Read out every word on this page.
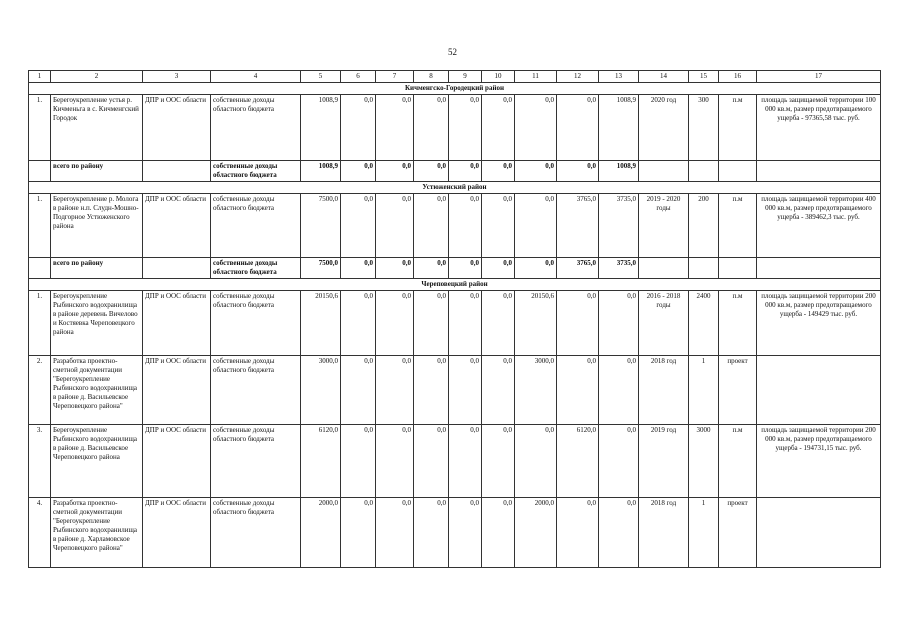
52
1	2	3	4	5	6	7	8	9	10	11	12	13	14	15	16	17
Кичменгско-Городецкий район																
1.	Берегоукрепление устья р. Кичменьга в с. Кичменгский Городок	ДПР и ООС области	собственные доходы областного бюджета	1008,9	0,0	0,0	0,0	0,0	0,0	0,0	0,0	1008,9	2020 год	300	п.м	площадь защищаемой территории 100 000 кв.м, размер предотвращаемого ущерба - 97365,58 тыс. руб.
	всего по району		собственные доходы областного бюджета	1008,9	0,0	0,0	0,0	0,0	0,0	0,0	0,0	1008,9				
Устюженский район																
1.	Берегоукрепление р. Молога в районе н.п. Слудн-Мошно-Подгорное Устюженского района	ДПР и ООС области	собственные доходы областного бюджета	7500,0	0,0	0,0	0,0	0,0	0,0	0,0	3765,0	3735,0	2019 - 2020 годы	200	п.м	площадь защищаемой территории 400 000 кв.м, размер предотвращаемого ущерба - 389462,3 тыс. руб.
	всего по району		собственные доходы областного бюджета	7500,0	0,0	0,0	0,0	0,0	0,0	0,0	3765,0	3735,0				
Череповецкий район																
1.	Берегоукрепление Рыбинского водохранилища в районе деревень Вичелово и Костяевка Череповецкого района	ДПР и ООС области	собственные доходы областного бюджета	20150,6	0,0	0,0	0,0	0,0	0,0	20150,6	0,0	0,0	2016 - 2018 годы	2400	п.м	площадь защищаемой территории 200 000 кв.м, размер предотвращаемого ущерба - 149429 тыс. руб.
2.	Разработка проектно-сметной документации "Берегоукрепление Рыбинского водохранилища в районе д. Васильевское Череповецкого района"	ДПР и ООС области	собственные доходы областного бюджета	3000,0	0,0	0,0	0,0	0,0	0,0	3000,0	0,0	0,0	2018 год	1	проект	
3.	Берегоукрепление Рыбинского водохранилища в районе д. Васильевское Череповецкого района	ДПР и ООС области	собственные доходы областного бюджета	6120,0	0,0	0,0	0,0	0,0	0,0	0,0	6120,0	0,0	2019 год	3000	п.м	площадь защищаемой территории 200 000 кв.м, размер предотвращаемого ущерба - 194731,15 тыс. руб.
4.	Разработка проектно-сметной документации "Берегоукрепление Рыбинского водохранилища в районе д. Харламовское Череповецкого района"	ДПР и ООС области	собственные доходы областного бюджета	2000,0	0,0	0,0	0,0	0,0	0,0	2000,0	0,0	0,0	2018 год	1	проект	
